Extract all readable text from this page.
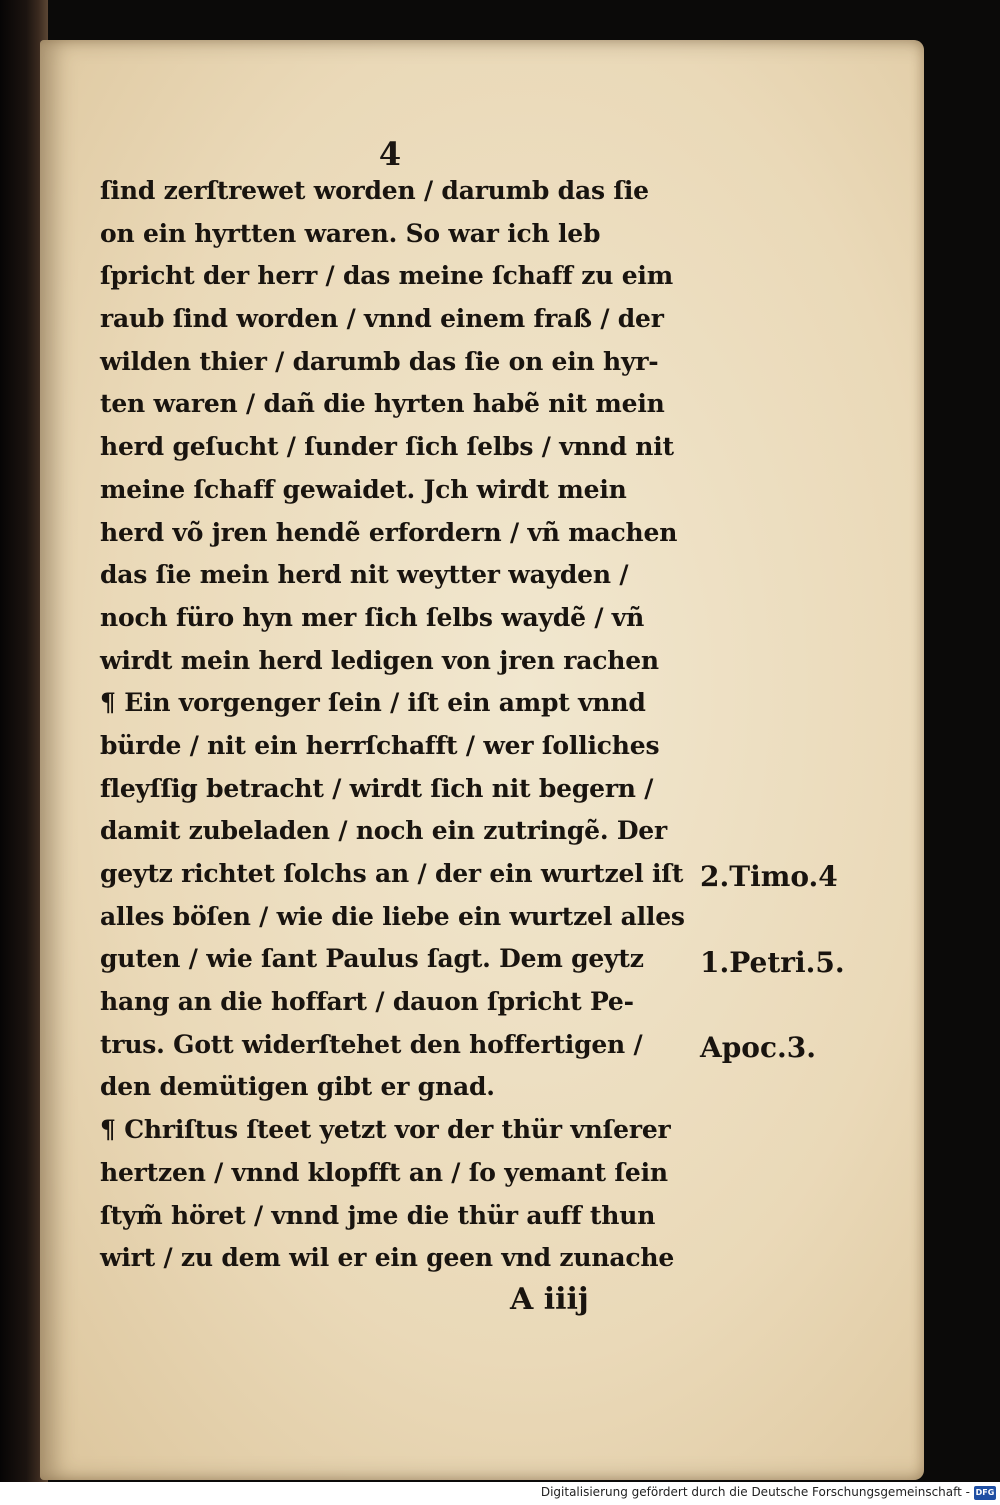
4
ſind zerſtrewet worden / darumb das ſie
on ein hyrtten waren. So war ich leb
ſpricht der herr / das meine ſchaff zu eim
raub ſind worden / vnnd einem fraß / der
wilden thier / darumb das ſie on ein hyr-
ten waren / dañ die hyrten habẽ nit mein
herd geſucht / ſunder ſich ſelbs / vnnd nit
meine ſchaff gewaidet. Jch wirdt mein
herd võ jren hendẽ erfordern / vñ machen
das ſie mein herd nit weytter wayden /
noch füro hyn mer ſich ſelbs waydẽ / vñ
wirdt mein herd ledigen von jren rachen
¶ Ein vorgenger ſein / iſt ein ampt vnnd
bürde / nit ein herrſchafft / wer ſolliches
fleyſſig betracht / wirdt ſich nit begern /
damit zubeladen / noch ein zutringẽ. Der
geytz richtet ſolchs an / der ein wurtzel iſt
alles böſen / wie die liebe ein wurtzel alles
guten / wie ſant Paulus ſagt. Dem geytz
hang an die hoffart / dauon ſpricht Pe-
trus. Gott widerſtehet den hoffertigen /
den demütigen gibt er gnad.
¶ Chriſtus ſteet yetzt vor der thür vnſerer
hertzen / vnnd klopfft an / ſo yemant ſein
ſtym̃ höret / vnnd jme die thür auff thun
wirt / zu dem wil er ein geen vnd zunache
2.Timo.4
1.Petri.5.
Apoc.3.
A iiij
Digitalisierung gefördert durch die Deutsche Forschungsgemeinschaft - DFG
